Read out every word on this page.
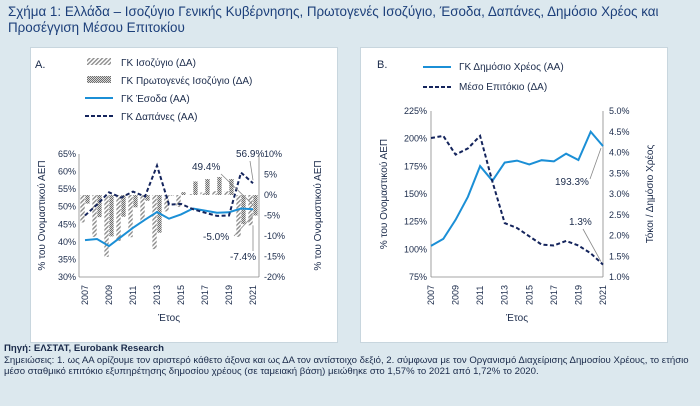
Σχήμα 1: Ελλάδα – Ισοζύγιο Γενικής Κυβέρνησης, Πρωτογενές Ισοζύγιο, Έσοδα, Δαπάνες, Δημόσιο Χρέος και Προσέγγιση Μέσου Επιτοκίου
A.	ΓΚ Ισοζύγιο (ΔΑ)
ΓΚ Πρωτογενές Ισοζύγιο (ΔΑ)
ΓΚ Έσοδα (ΑΑ)
ΓΚ Δαπάνες (ΑΑ)
65%
60%
55%
50%
45%
40%
35%
30%
10%
5%
0%
-5%
-10%
-15%
-20%
2007 2009 2011 2013 2015 2017 2019 2021
Έτος
% του Ονομαστικού ΑΕΠ	% του Ονομαστικού ΑΕΠ
49.4%
56.9%
-5.0%
-7.4%
B.	ΓΚ Δημόσιο Χρέος (ΑΑ)
Μέσο Επιτόκιο (ΔΑ)
225%
200%
175%
150%
125%
100%
75%
5.0%
4.5%
4.0%
3.5%
3.0%
2.5%
2.0%
1.5%
1.0%
2007 2009 2011 2013 2015 2017 2019 2021
Έτος
% του Ονομαστικού ΑΕΠ	Τόκοι / Δημόσιο Χρέος
193.3%
1.3%
Πηγή: ΕΛΣΤΑΤ, Eurobank Research
Σημειώσεις: 1. ως ΑΑ ορίζουμε τον αριστερό κάθετο άξονα και ως ΔΑ τον αντίστοιχο δεξιό, 2. σύμφωνα με τον Οργανισμό Διαχείρισης Δημοσίου Χρέους, το ετήσιο μέσο σταθμικό επιτόκιο εξυπηρέτησης δημοσίου χρέους (σε ταμειακή βάση) μειώθηκε στο 1,57% το 2021 από 1,72% το 2020.
